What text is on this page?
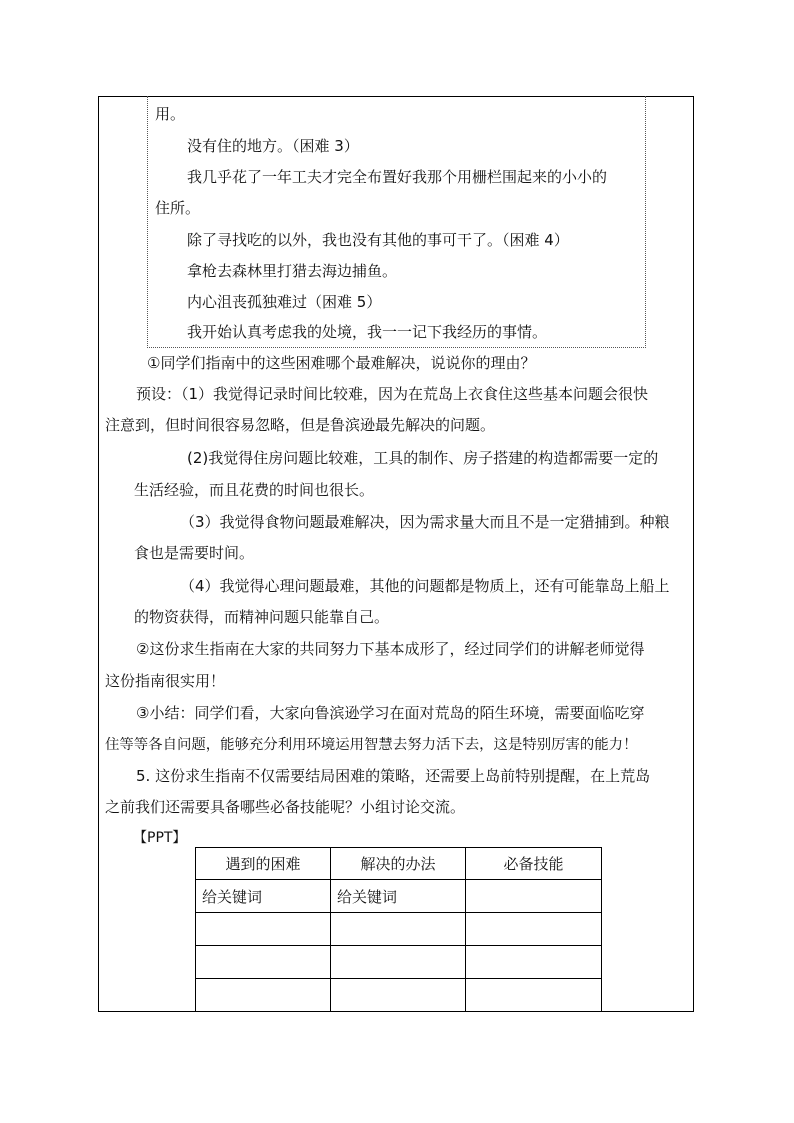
用。
没有住的地方。（困难 3）
我几乎花了一年工夫才完全布置好我那个用栅栏围起来的小小的
住所。
除了寻找吃的以外，我也没有其他的事可干了。（困难 4）
拿枪去森林里打猎去海边捕鱼。
内心沮丧孤独难过（困难 5）
我开始认真考虑我的处境，我一一记下我经历的事情。
①同学们指南中的这些困难哪个最难解决，说说你的理由？
预设：（1）我觉得记录时间比较难，因为在荒岛上衣食住这些基本问题会很快
注意到，但时间很容易忽略，但是鲁滨逊最先解决的问题。
(2)我觉得住房问题比较难，工具的制作、房子搭建的构造都需要一定的
生活经验，而且花费的时间也很长。
（3）我觉得食物问题最难解决，因为需求量大而且不是一定猎捕到。种粮
食也是需要时间。
（4）我觉得心理问题最难，其他的问题都是物质上，还有可能靠岛上船上
的物资获得，而精神问题只能靠自己。
②这份求生指南在大家的共同努力下基本成形了，经过同学们的讲解老师觉得
这份指南很实用！
③小结：同学们看，大家向鲁滨逊学习在面对荒岛的陌生环境，需要面临吃穿
住等等各自问题，能够充分利用环境运用智慧去努力活下去，这是特别厉害的能力！
5. 这份求生指南不仅需要结局困难的策略，还需要上岛前特别提醒，在上荒岛
之前我们还需要具备哪些必备技能呢？小组讨论交流。
【PPT】
遇到的困难	解决的办法	必备技能
给关键词	给关键词	
